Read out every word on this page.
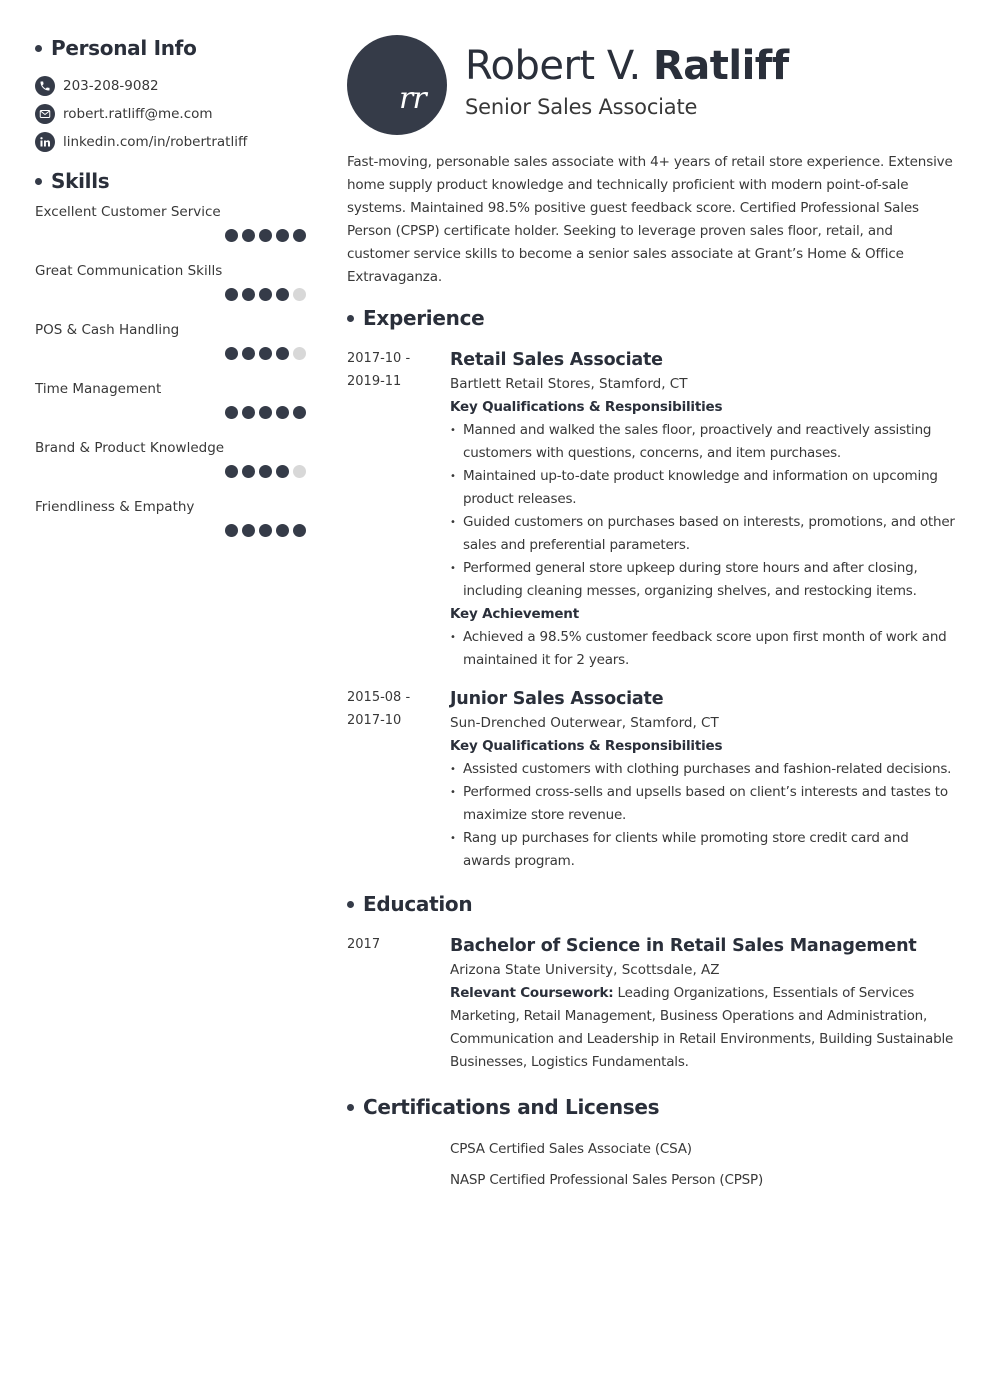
Personal Info
203-208-9082
robert.ratliff@me.com
linkedin.com/in/robertratliff
Skills
Excellent Customer Service
Great Communication Skills
POS & Cash Handling
Time Management
Brand & Product Knowledge
Friendliness & Empathy
rr
Robert V. Ratliff
Senior Sales Associate

Fast-moving, personable sales associate with 4+ years of retail store experience. Extensive home supply product knowledge and technically proficient with modern point-of-sale systems. Maintained 98.5% positive guest feedback score. Certified Professional Sales Person (CPSP) certificate holder. Seeking to leverage proven sales floor, retail, and customer service skills to become a senior sales associate at Grant’s Home & Office Extravaganza.

Experience
2017-10 -
2019-11
Retail Sales Associate
Bartlett Retail Stores, Stamford, CT
Key Qualifications & Responsibilities
• Manned and walked the sales floor, proactively and reactively assisting customers with questions, concerns, and item purchases.
• Maintained up-to-date product knowledge and information on upcoming product releases.
• Guided customers on purchases based on interests, promotions, and other sales and preferential parameters.
• Performed general store upkeep during store hours and after closing, including cleaning messes, organizing shelves, and restocking items.
Key Achievement
• Achieved a 98.5% customer feedback score upon first month of work and maintained it for 2 years.
2015-08 -
2017-10
Junior Sales Associate
Sun-Drenched Outerwear, Stamford, CT
Key Qualifications & Responsibilities
• Assisted customers with clothing purchases and fashion-related decisions.
• Performed cross-sells and upsells based on client’s interests and tastes to maximize store revenue.
• Rang up purchases for clients while promoting store credit card and awards program.
Education
2017	Bachelor of Science in Retail Sales Management
Arizona State University, Scottsdale, AZ
Relevant Coursework: Leading Organizations, Essentials of Services Marketing, Retail Management, Business Operations and Administration, Communication and Leadership in Retail Environments, Building Sustainable Businesses, Logistics Fundamentals.
Certifications and Licenses
CPSA Certified Sales Associate (CSA)
NASP Certified Professional Sales Person (CPSP)
